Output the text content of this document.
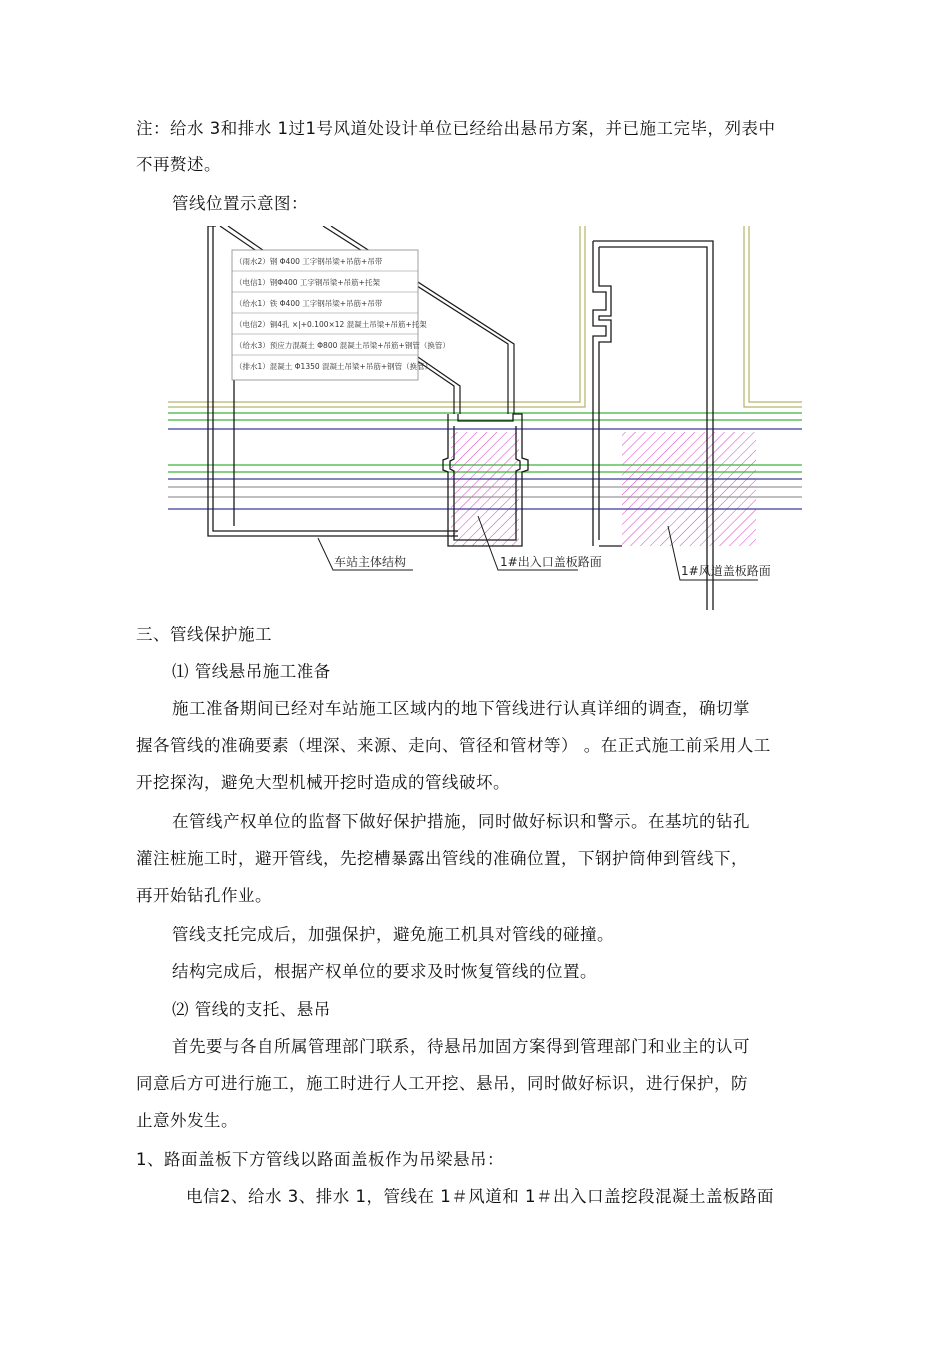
注：给水 3和排水 1过1号风道处设计单位已经给出悬吊方案，并已施工完毕，列表中
不再赘述。
管线位置示意图：
（雨水2）钢 Φ400 工字钢吊梁+吊筋+吊带
（电信1）钢Φ400 工字钢吊梁+吊筋+托架
（给水1）铁 Φ400 工字钢吊梁+吊筋+吊带
（电信2）铜4孔 ×|+0.100×12 混凝土吊梁+吊筋+托架
（给水3）预应力混凝土 Φ800 混凝土吊梁+吊筋+钢管（换管）
（排水1）混凝土 Φ1350 混凝土吊梁+吊筋+钢管（换管）
车站主体结构	1#出入口盖板路面
1#风道盖板路面
三、管线保护施工
⑴ 管线悬吊施工准备
施工准备期间已经对车站施工区域内的地下管线进行认真详细的调查，确切掌
握各管线的准确要素（埋深、来源、走向、管径和管材等） 。在正式施工前采用人工
开挖探沟，避免大型机械开挖时造成的管线破坏。
在管线产权单位的监督下做好保护措施，同时做好标识和警示。在基坑的钻孔
灌注桩施工时，避开管线，先挖槽暴露出管线的准确位置，下钢护筒伸到管线下，
再开始钻孔作业。
管线支托完成后，加强保护，避免施工机具对管线的碰撞。
结构完成后，根据产权单位的要求及时恢复管线的位置。
⑵ 管线的支托、悬吊
首先要与各自所属管理部门联系，待悬吊加固方案得到管理部门和业主的认可
同意后方可进行施工，施工时进行人工开挖、悬吊，同时做好标识，进行保护，防
止意外发生。
1、路面盖板下方管线以路面盖板作为吊梁悬吊：
电信2、给水 3、排水 1，管线在 1＃风道和 1＃出入口盖挖段混凝土盖板路面
